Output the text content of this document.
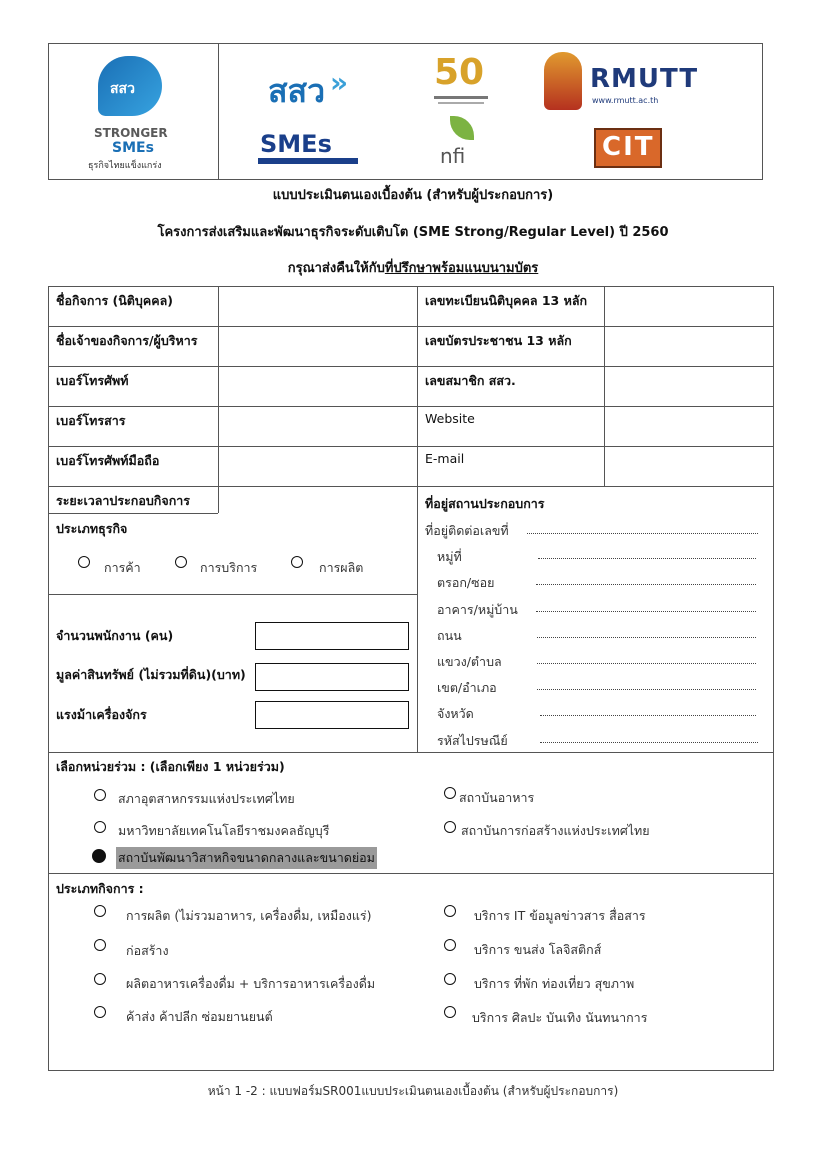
สสว
STRONGER
SMEs
ธุรกิจไทยแข็งแกร่ง
สสว » 50	RMUTT
www.rmutt.ac.th
SMEs	nfi	CIT
แบบประเมินตนเองเบื้องต้น (สำหรับผู้ประกอบการ)
โครงการส่งเสริมและพัฒนาธุรกิจระดับเติบโต (SME Strong/Regular Level) ปี 2560
กรุณาส่งคืนให้กับที่ปรึกษาพร้อมแนบนามบัตร
ชื่อกิจการ (นิติบุคคล)	เลขทะเบียนนิติบุคคล 13 หลัก
ชื่อเจ้าของกิจการ/ผู้บริหาร	เลขบัตรประชาชน 13 หลัก
เบอร์โทรศัพท์	เลขสมาชิก สสว.
เบอร์โทรสาร	Website
เบอร์โทรศัพท์มือถือ	E-mail
ระยะเวลาประกอบกิจการ
ประเภทธุรกิจ
การค้า	การบริการ	การผลิต
จำนวนพนักงาน (คน)
มูลค่าสินทรัพย์ (ไม่รวมที่ดิน)(บาท)
แรงม้าเครื่องจักร
ที่อยู่สถานประกอบการ
ที่อยู่ติดต่อเลขที่
หมู่ที่
ตรอก/ซอย
อาคาร/หมู่บ้าน
ถนน
แขวง/ตำบล
เขต/อำเภอ
จังหวัด
รหัสไปรษณีย์
เลือกหน่วยร่วม : (เลือกเพียง 1 หน่วยร่วม)
สภาอุตสาหกรรมแห่งประเทศไทย	สถาบันอาหาร
มหาวิทยาลัยเทคโนโลยีราชมงคลธัญบุรี	สถาบันการก่อสร้างแห่งประเทศไทย
สถาบันพัฒนาวิสาหกิจขนาดกลางและขนาดย่อม
ประเภทกิจการ :
การผลิต (ไม่รวมอาหาร, เครื่องดื่ม, เหมืองแร่)	บริการ IT ข้อมูลข่าวสาร สื่อสาร
ก่อสร้าง	บริการ ขนส่ง โลจิสติกส์
ผลิตอาหารเครื่องดื่ม + บริการอาหารเครื่องดื่ม	บริการ ที่พัก ท่องเที่ยว สุขภาพ
ค้าส่ง ค้าปลีก ซ่อมยานยนต์	บริการ ศิลปะ บันเทิง นันทนาการ
หน้า 1 -2 : แบบฟอร์มSR001แบบประเมินตนเองเบื้องต้น (สำหรับผู้ประกอบการ)
